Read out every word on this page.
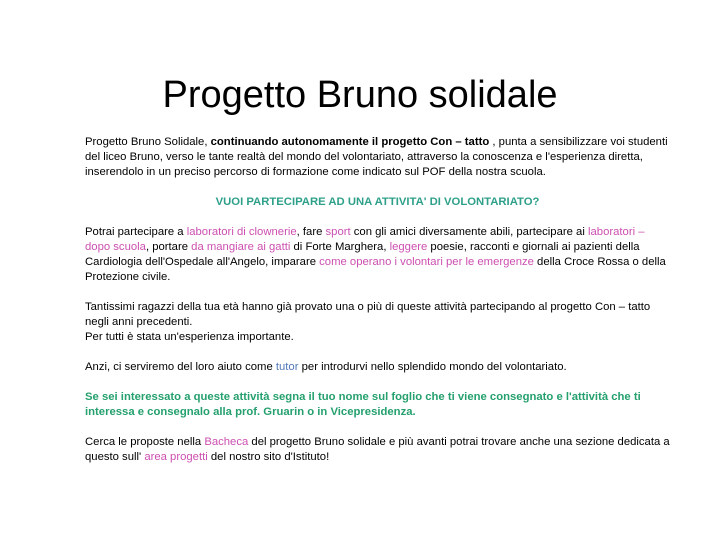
Progetto Bruno solidale

Progetto Bruno Solidale, continuando autonomamente il progetto Con – tatto , punta a sensibilizzare voi studenti del liceo Bruno, verso le tante realtà del mondo del volontariato, attraverso la conoscenza e l'esperienza diretta, inserendolo in un preciso percorso di formazione come indicato sul POF della nostra scuola.

VUOI PARTECIPARE AD UNA ATTIVITA' DI VOLONTARIATO?

Potrai partecipare a laboratori di clownerie, fare sport con gli amici diversamente abili, partecipare ai laboratori – dopo scuola, portare da mangiare ai gatti di Forte Marghera, leggere poesie, racconti e giornali ai pazienti della Cardiologia dell'Ospedale all'Angelo, imparare come operano i volontari per le emergenze della Croce Rossa o della Protezione civile.

Tantissimi ragazzi della tua età hanno già provato una o più di queste attività partecipando al progetto Con – tatto negli anni precedenti.
Per tutti è stata un'esperienza importante.

Anzi, ci serviremo del loro aiuto come tutor per introdurvi nello splendido mondo del volontariato.

Se sei interessato a queste attività segna il tuo nome sul foglio che ti viene consegnato e l'attività che ti interessa e consegnalo alla prof. Gruarin o in Vicepresidenza.

Cerca le proposte nella Bacheca del progetto Bruno solidale e più avanti potrai trovare anche una sezione dedicata a questo sull' area progetti del nostro sito d'Istituto!
